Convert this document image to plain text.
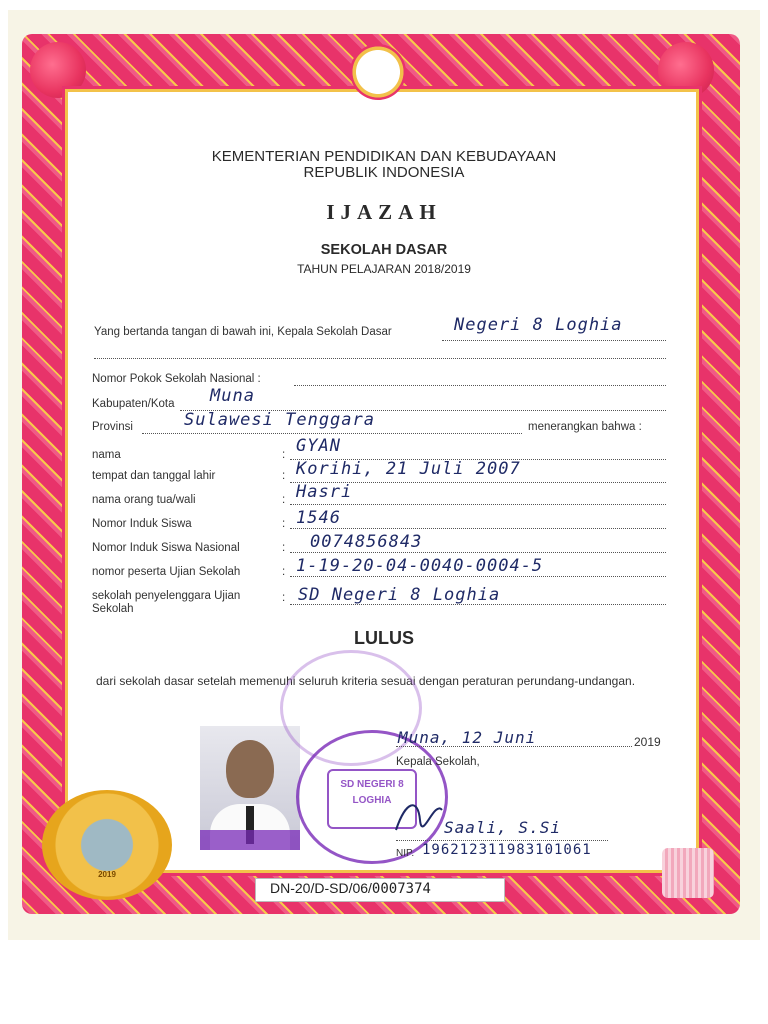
KEMENTERIAN PENDIDIKAN DAN KEBUDAYAAN
REPUBLIK INDONESIA
IJAZAH
SEKOLAH DASAR
TAHUN PELAJARAN 2018/2019
Yang bertanda tangan di bawah ini, Kepala Sekolah Dasar	Negeri 8 Loghia
Nomor Pokok Sekolah Nasional :
Kabupaten/Kota Muna
Provinsi	Sulawesi Tenggara	menerangkan bahwa :
nama	: GYAN
tempat dan tanggal lahir	: Korihi, 21 Juli 2007
nama orang tua/wali	: Hasri
Nomor Induk Siswa	: 1546
Nomor Induk Siswa Nasional	: 0074856843
nomor peserta Ujian Sekolah	: 1-19-20-04-0040-0004-5
sekolah penyelenggara Ujian Sekolah
: SD Negeri 8 Loghia
LULUS
dari sekolah dasar setelah memenuhi seluruh kriteria sesuai dengan peraturan perundang-undangan.
SD NEGERI 8
LOGHIA
Muna, 12 Juni	2019
Kepala Sekolah,
Saali, S.Si
NIP. 196212311983101061
2019
DN-20/D-SD/06/0007374
